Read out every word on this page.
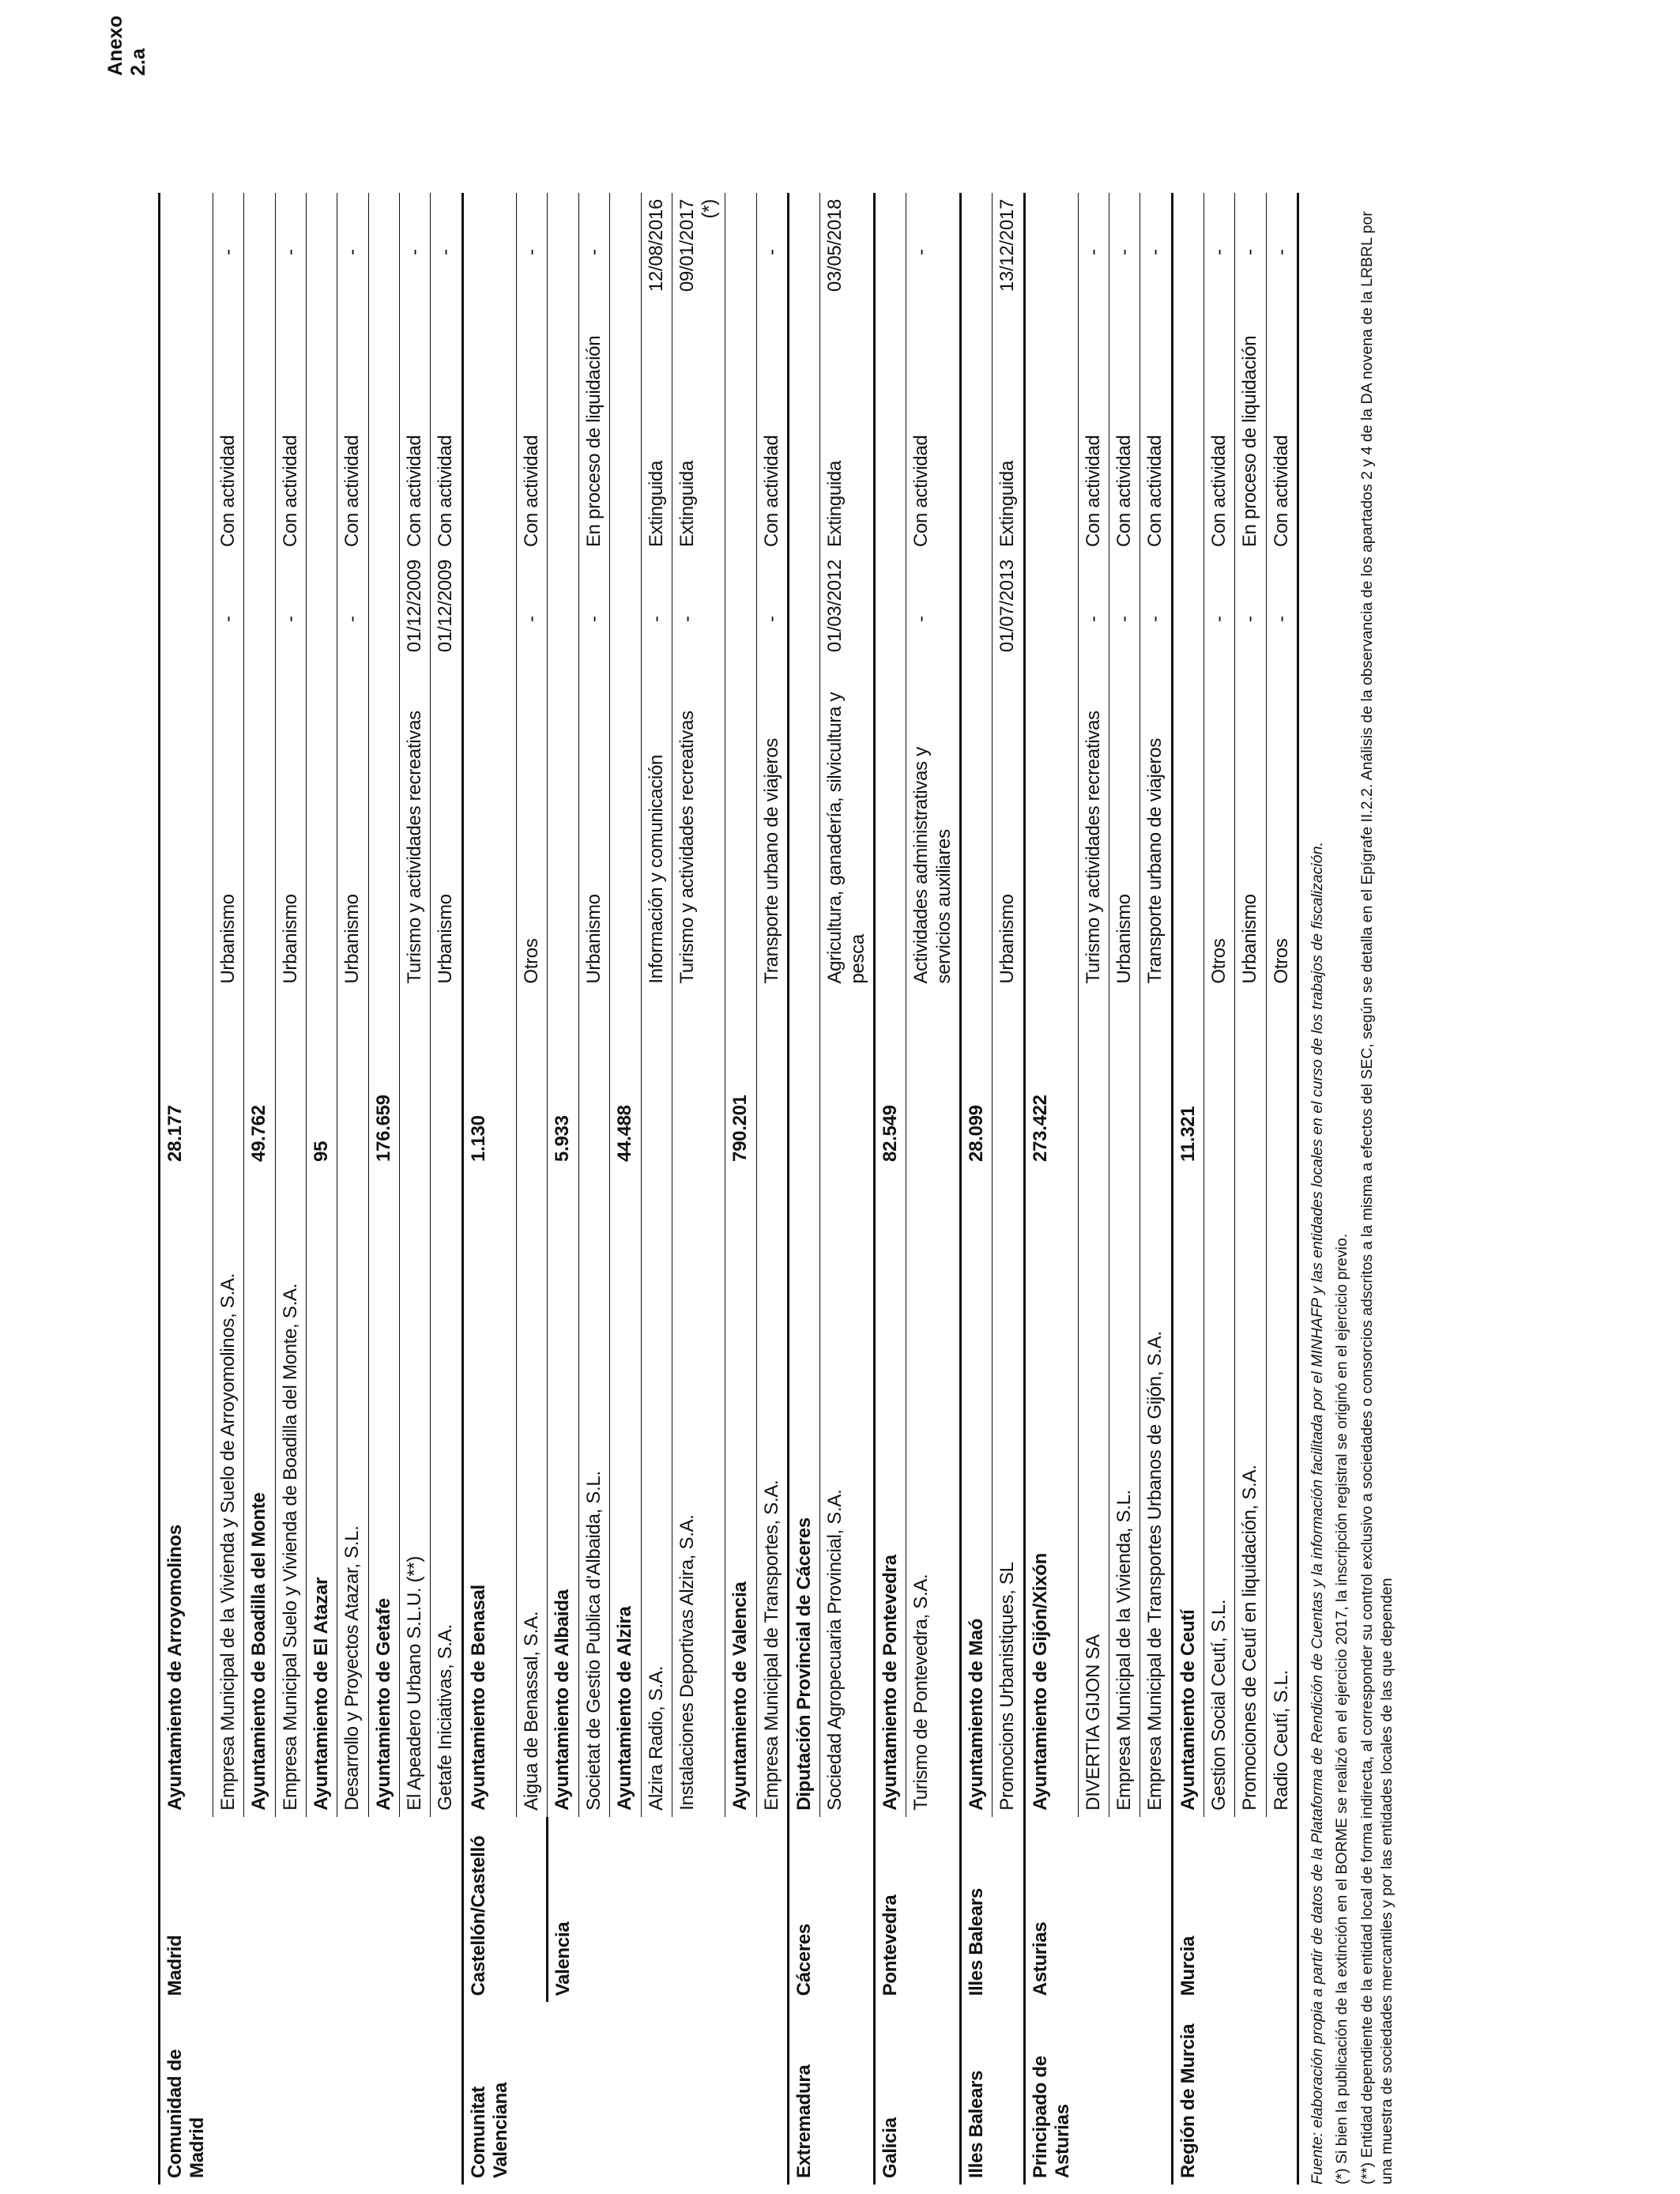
Anexo 2.a
Comunidad de Madrid	Madrid	Ayuntamiento de Arroyomolinos	28.177				
		Empresa Municipal de la Vivienda y Suelo de Arroyomolinos, S.A.		Urbanismo	-	Con actividad	-
		Ayuntamiento de Boadilla del Monte	49.762				
		Empresa Municipal Suelo y Vivienda de Boadilla del Monte, S.A.		Urbanismo	-	Con actividad	-
		Ayuntamiento de El Atazar	95				
		Desarrollo y Proyectos Atazar, S.L.		Urbanismo	-	Con actividad	-
		Ayuntamiento de Getafe	176.659				
		El Apeadero Urbano S.L.U. (**)		Turismo y actividades recreativas	01/12/2009	Con actividad	-
		Getafe Iniciativas, S.A.		Urbanismo	01/12/2009	Con actividad	-
Comunitat Valenciana	Castellón/Castelló	Ayuntamiento de Benasal	1.130				
		Aigua de Benassal, S.A.		Otros	-	Con actividad	-
	Valencia	Ayuntamiento de Albaida	5.933				
		Societat de Gestio Publica d'Albaida, S.L.		Urbanismo	-	En proceso de liquidación	-
		Ayuntamiento de Alzira	44.488				
		Alzira Radio, S.A.		Información y comunicación	-	Extinguida	12/08/2016
		Instalaciones Deportivas Alzira, S.A.		Turismo y actividades recreativas	-	Extinguida	09/01/2017 (*)
		Ayuntamiento de Valencia	790.201				
		Empresa Municipal de Transportes, S.A.		Transporte urbano de viajeros	-	Con actividad	-
Extremadura	Cáceres	Diputación Provincial de Cáceres					
		Sociedad Agropecuaria Provincial, S.A.		Agricultura, ganadería, silvicultura y pesca	01/03/2012	Extinguida	03/05/2018
Galicia	Pontevedra	Ayuntamiento de Pontevedra	82.549				
		Turismo de Pontevedra, S.A.		Actividades administrativas y servicios auxiliares	-	Con actividad	-
Illes Balears	Illes Balears	Ayuntamiento de Maó	28.099				
		Promocions Urbanistiques, SL		Urbanismo	01/07/2013	Extinguida	13/12/2017
Principado de Asturias	Asturias	Ayuntamiento de Gijón/Xixón	273.422				
		DIVERTIA GIJON SA		Turismo y actividades recreativas	-	Con actividad	-
		Empresa Municipal de la Vivienda, S.L.		Urbanismo	-	Con actividad	-
		Empresa Municipal de Transportes Urbanos de Gijón, S.A.		Transporte urbano de viajeros	-	Con actividad	-
Región de Murcia	Murcia	Ayuntamiento de Ceutí	11.321				
		Gestion Social Ceutí, S.L.		Otros	-	Con actividad	-
		Promociones de Ceutí en liquidación, S.A.		Urbanismo	-	En proceso de liquidación	-
		Radio Ceutí, S.L.		Otros	-	Con actividad	-

Fuente: elaboración propia a partir de datos de la Plataforma de Rendición de Cuentas y la información facilitada por el MINHAFP y las entidades locales en el curso de los trabajos de fiscalización. (*) Si bien la publicación de la extinción en el BORME se realizó en el ejercicio 2017, la inscripción registral se originó en el ejercicio previo. (**) Entidad dependiente de la entidad local de forma indirecta, al corresponder su control exclusivo a sociedades o consorcios adscritos a la misma a efectos del SEC, según se detalla en el Epígrafe II.2.2. Análisis de la observancia de los apartados 2 y 4 de la DA novena de la LRBRL por una muestra de sociedades mercantiles y por las entidades locales de las que dependen
